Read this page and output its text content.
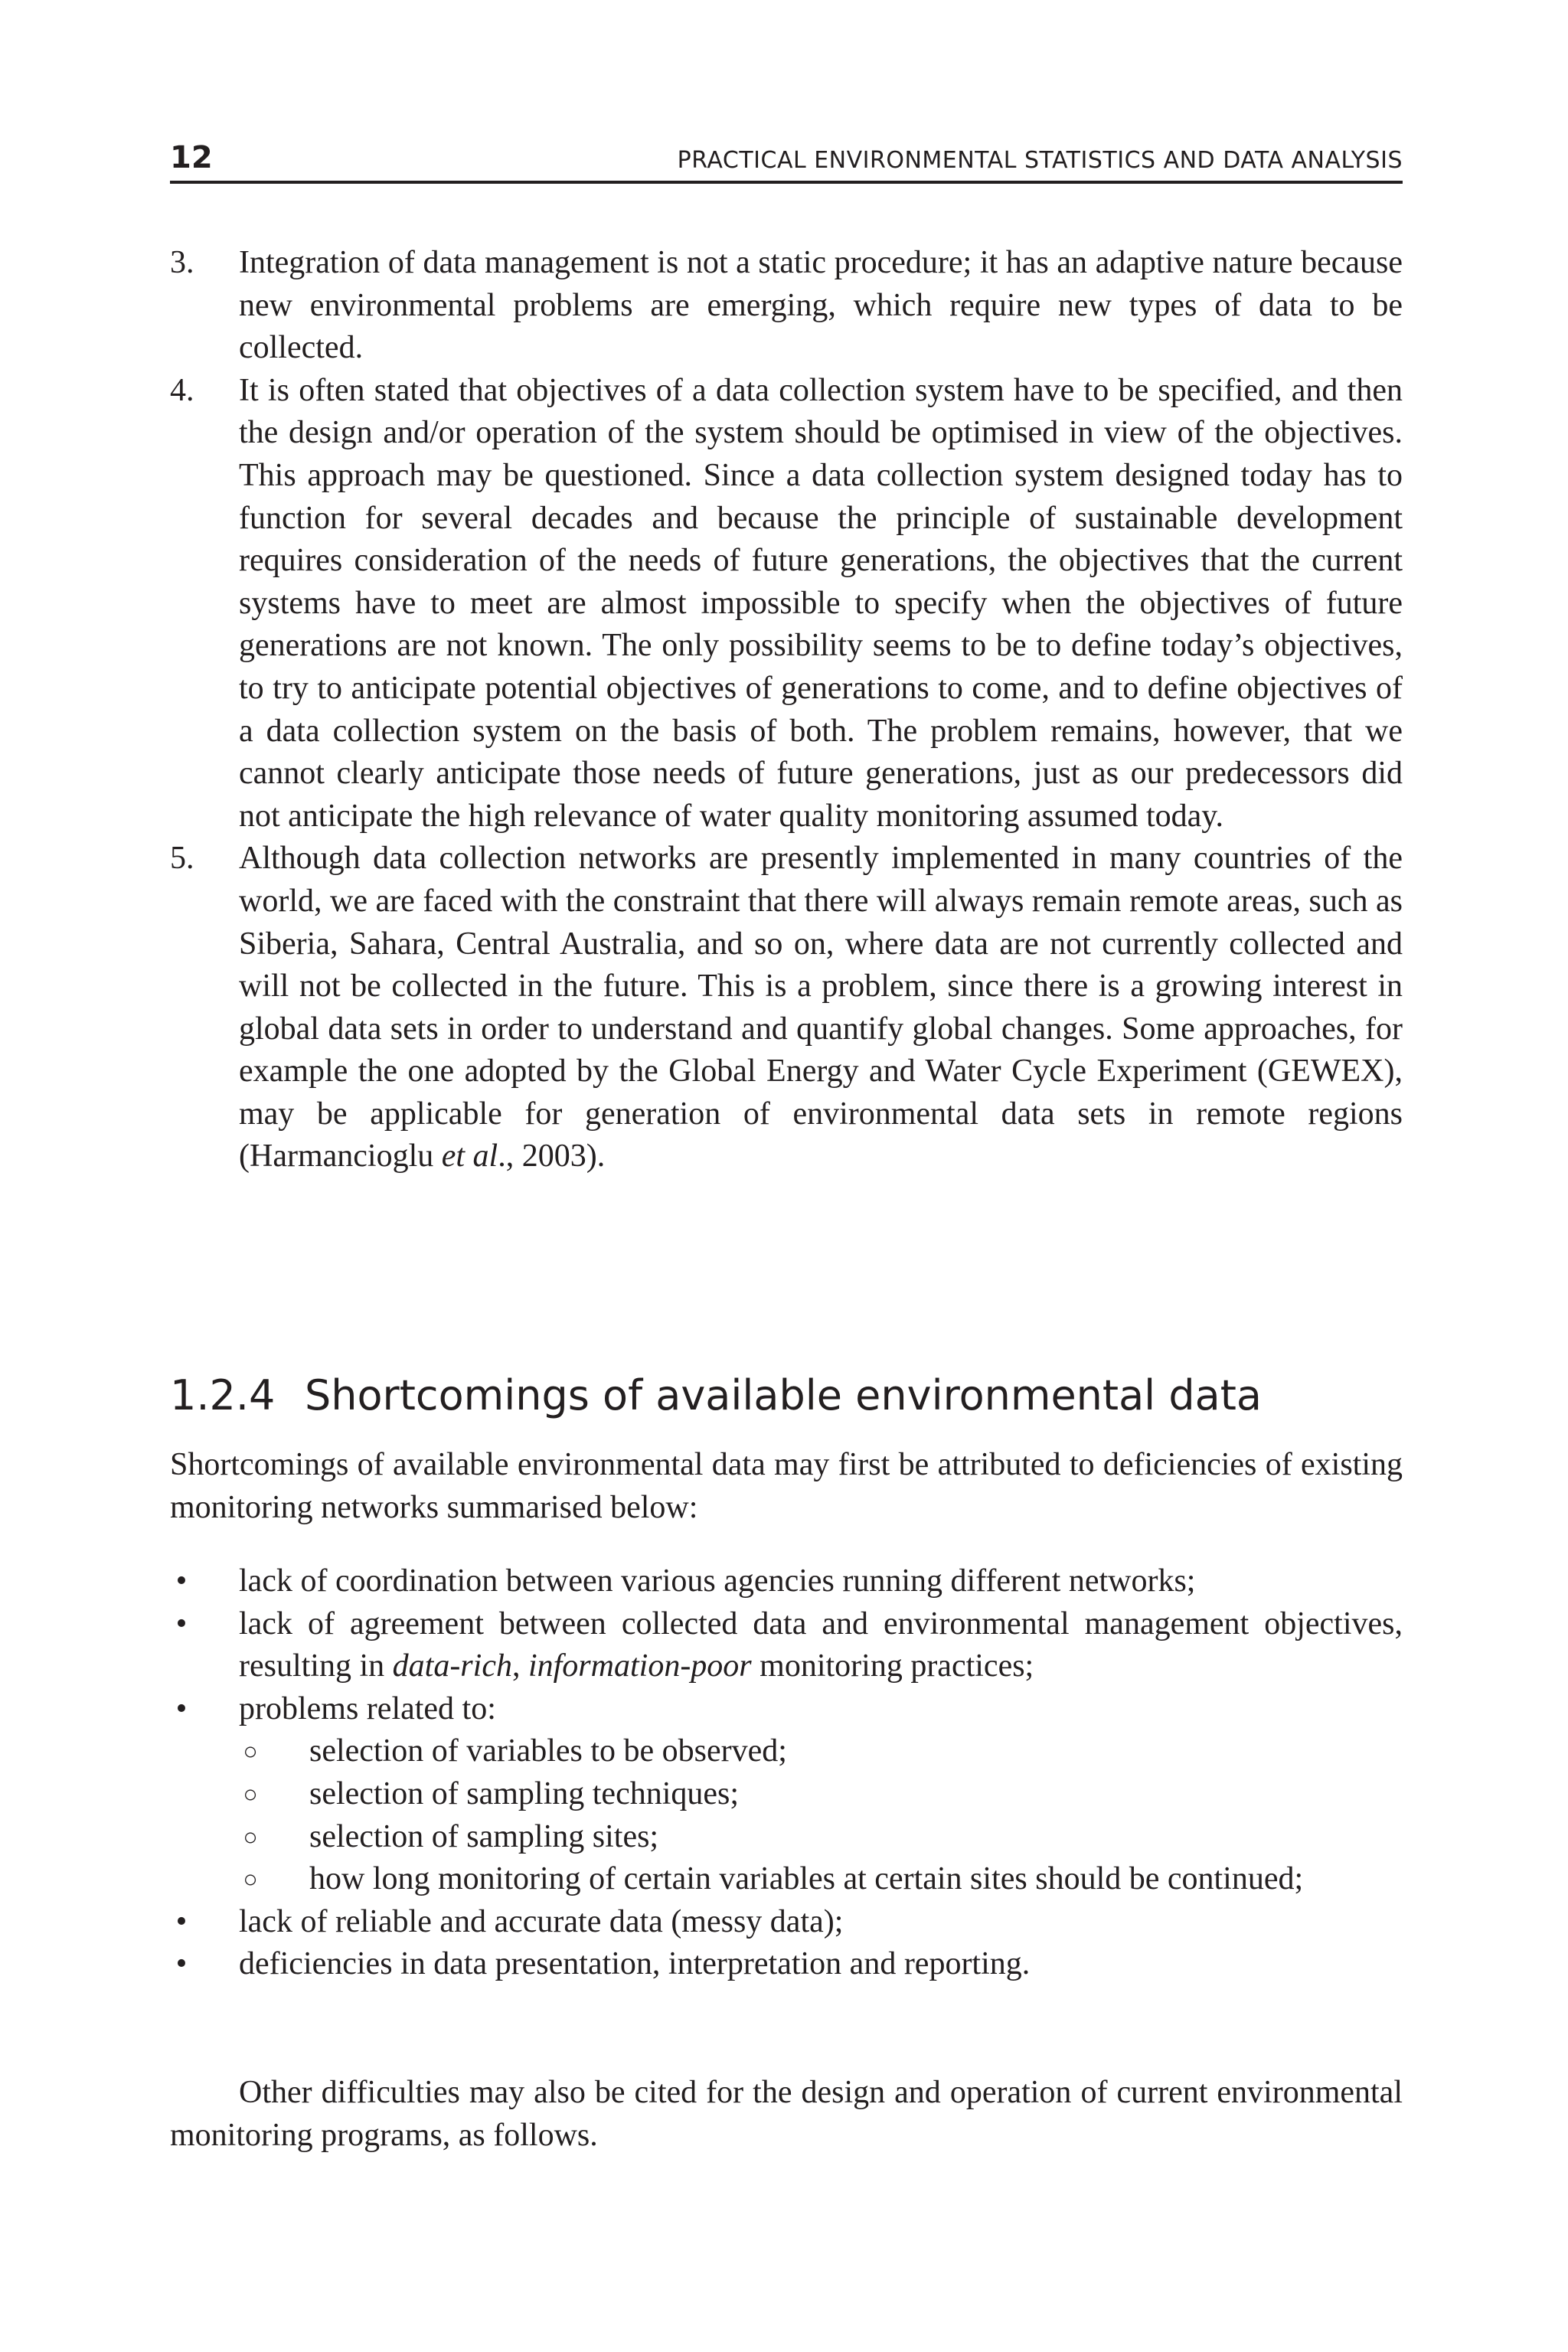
12	PRACTICAL ENVIRONMENTAL STATISTICS AND DATA ANALYSIS
3. Integration of data management is not a static procedure; it has an adaptive nature because new environmental problems are emerging, which require new types of data to be collected.
4. It is often stated that objectives of a data collection system have to be specified, and then the design and/or operation of the system should be optimised in view of the objectives. This approach may be questioned. Since a data collection system designed today has to function for several decades and because the principle of sustainable development requires consideration of the needs of future generations, the objectives that the current systems have to meet are almost impossible to specify when the objectives of future generations are not known. The only possibility seems to be to define today’s objectives, to try to anticipate potential objectives of generations to come, and to define objectives of a data collection system on the basis of both. The problem remains, however, that we cannot clearly anticipate those needs of future generations, just as our predecessors did not anticipate the high relevance of water quality monitoring assumed today.
5. Although data collection networks are presently implemented in many countries of the world, we are faced with the constraint that there will always remain remote areas, such as Siberia, Sahara, Central Australia, and so on, where data are not currently collected and will not be collected in the future. This is a problem, since there is a growing interest in global data sets in order to understand and quantify global changes. Some approaches, for example the one adopted by the Global Energy and Water Cycle Experiment (GEWEX), may be applicable for generation of environmental data sets in remote regions (Harmancioglu et al., 2003).
1.2.4 Shortcomings of available environmental data

Shortcomings of available environmental data may first be attributed to deficiencies of existing monitoring networks summarised below:

• lack of coordination between various agencies running different networks;
• lack of agreement between collected data and environmental management objectives, resulting in data-rich, information-poor monitoring practices;
• problems related to:
○ selection of variables to be observed;
○ selection of sampling techniques;
○ selection of sampling sites;
○ how long monitoring of certain variables at certain sites should be continued;
• lack of reliable and accurate data (messy data);
• deficiencies in data presentation, interpretation and reporting.

Other difficulties may also be cited for the design and operation of current environmental monitoring programs, as follows.
